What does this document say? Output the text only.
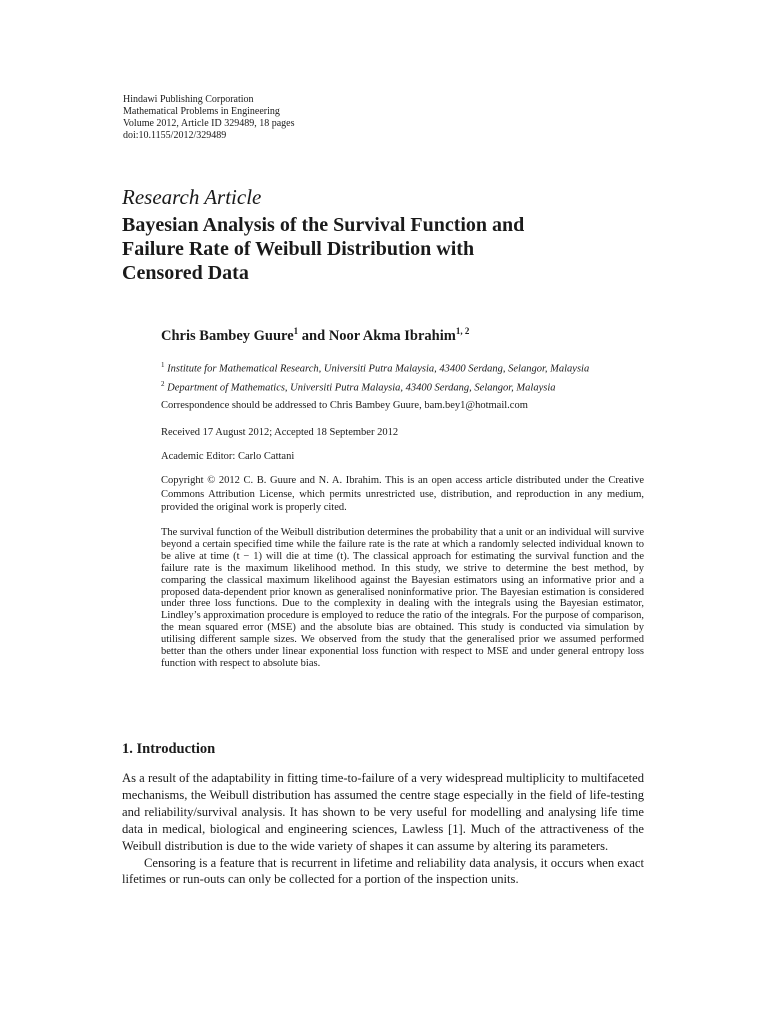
Hindawi Publishing Corporation
Mathematical Problems in Engineering
Volume 2012, Article ID 329489, 18 pages
doi:10.1155/2012/329489
Research Article
Bayesian Analysis of the Survival Function and Failure Rate of Weibull Distribution with Censored Data
Chris Bambey Guure$^1$ and Noor Akma Ibrahim$^{1, 2}$
$^1$ Institute for Mathematical Research, Universiti Putra Malaysia, 43400 Serdang, Selangor, Malaysia
$^2$ Department of Mathematics, Universiti Putra Malaysia, 43400 Serdang, Selangor, Malaysia
Correspondence should be addressed to Chris Bambey Guure, bam.bey1@hotmail.com
Received 17 August 2012; Accepted 18 September 2012
Academic Editor: Carlo Cattani
Copyright © 2012 C. B. Guure and N. A. Ibrahim. This is an open access article distributed under the Creative Commons Attribution License, which permits unrestricted use, distribution, and reproduction in any medium, provided the original work is properly cited.
The survival function of the Weibull distribution determines the probability that a unit or an individual will survive beyond a certain specified time while the failure rate is the rate at which a randomly selected individual known to be alive at time (t − 1) will die at time (t). The classical approach for estimating the survival function and the failure rate is the maximum likelihood method. In this study, we strive to determine the best method, by comparing the classical maximum likelihood against the Bayesian estimators using an informative prior and a proposed data-dependent prior known as generalised noninformative prior. The Bayesian estimation is considered under three loss functions. Due to the complexity in dealing with the integrals using the Bayesian estimator, Lindley’s approximation procedure is employed to reduce the ratio of the integrals. For the purpose of comparison, the mean squared error (MSE) and the absolute bias are obtained. This study is conducted via simulation by utilising different sample sizes. We observed from the study that the generalised prior we assumed performed better than the others under linear exponential loss function with respect to MSE and under general entropy loss function with respect to absolute bias.
1. Introduction

As a result of the adaptability in fitting time-to-failure of a very widespread multiplicity to multifaceted mechanisms, the Weibull distribution has assumed the centre stage especially in the field of life-testing and reliability/survival analysis. It has shown to be very useful for modelling and analysing life time data in medical, biological and engineering sciences, Lawless [1]. Much of the attractiveness of the Weibull distribution is due to the wide variety of shapes it can assume by altering its parameters.

Censoring is a feature that is recurrent in lifetime and reliability data analysis, it occurs when exact lifetimes or run-outs can only be collected for a portion of the inspection units.
